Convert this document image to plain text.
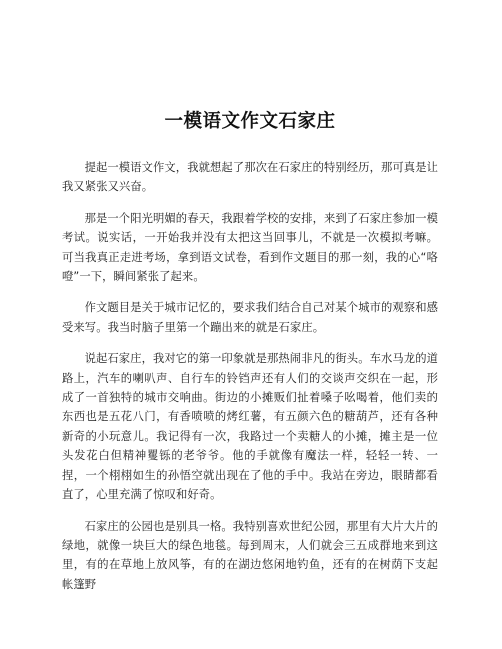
一模语文作文石家庄

提起一模语文作文，我就想起了那次在石家庄的特别经历，那可真是让我又紧张又兴奋。

那是一个阳光明媚的春天，我跟着学校的安排，来到了石家庄参加一模考试。说实话，一开始我并没有太把这当回事儿，不就是一次模拟考嘛。可当我真正走进考场，拿到语文试卷，看到作文题目的那一刻，我的心“咯噔”一下，瞬间紧张了起来。

作文题目是关于城市记忆的，要求我们结合自己对某个城市的观察和感受来写。我当时脑子里第一个蹦出来的就是石家庄。

说起石家庄，我对它的第一印象就是那热闹非凡的街头。车水马龙的道路上，汽车的喇叭声、自行车的铃铛声还有人们的交谈声交织在一起，形成了一首独特的城市交响曲。街边的小摊贩们扯着嗓子吆喝着，他们卖的东西也是五花八门，有香喷喷的烤红薯，有五颜六色的糖葫芦，还有各种新奇的小玩意儿。我记得有一次，我路过一个卖糖人的小摊，摊主是一位头发花白但精神矍铄的老爷爷。他的手就像有魔法一样，轻轻一转、一捏，一个栩栩如生的孙悟空就出现在了他的手中。我站在旁边，眼睛都看直了，心里充满了惊叹和好奇。

石家庄的公园也是别具一格。我特别喜欢世纪公园，那里有大片大片的绿地，就像一块巨大的绿色地毯。每到周末，人们就会三五成群地来到这里，有的在草地上放风筝，有的在湖边悠闲地钓鱼，还有的在树荫下支起帐篷野
